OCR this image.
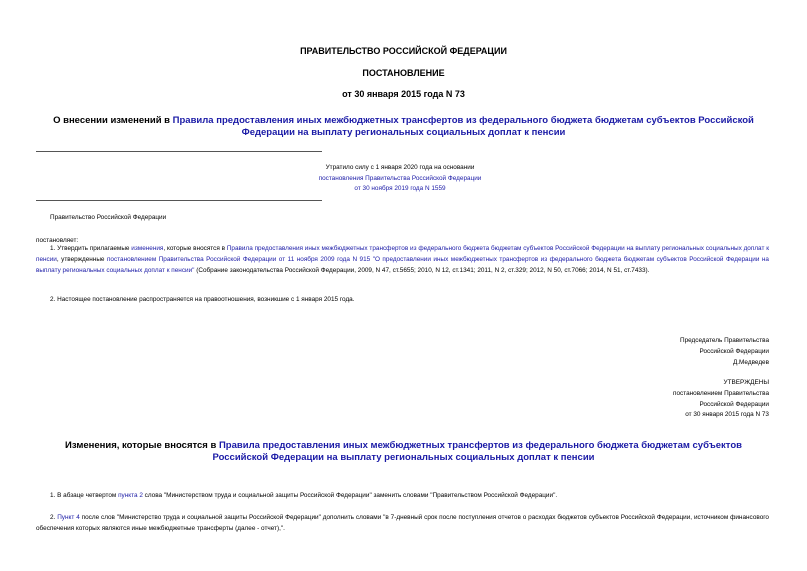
ПРАВИТЕЛЬСТВО РОССИЙСКОЙ ФЕДЕРАЦИИ
ПОСТАНОВЛЕНИЕ
от 30 января 2015 года N 73
О внесении изменений в Правила предоставления иных межбюджетных трансфертов из федерального бюджета бюджетам субъектов Российской Федерации на выплату региональных социальных доплат к пенсии
Утратило силу с 1 января 2020 года на основании
постановления Правительства Российской Федерации
от 30 ноября 2019 года N 1559
Правительство Российской Федерации
постановляет:
1. Утвердить прилагаемые изменения, которые вносятся в Правила предоставления иных межбюджетных трансфертов из федерального бюджета бюджетам субъектов Российской Федерации на выплату региональных социальных доплат к пенсии, утвержденные постановлением Правительства Российской Федерации от 11 ноября 2009 года N 915 "О предоставлении иных межбюджетных трансфертов из федерального бюджета бюджетам субъектов Российской Федерации на выплату региональных социальных доплат к пенсии" (Собрание законодательства Российской Федерации, 2009, N 47, ст.5655; 2010, N 12, ст.1341; 2011, N 2, ст.329; 2012, N 50, ст.7066; 2014, N 51, ст.7433).
2. Настоящее постановление распространяется на правоотношения, возникшие с 1 января 2015 года.
Председатель Правительства
Российской Федерации
Д.Медведев
УТВЕРЖДЕНЫ
постановлением Правительства
Российской Федерации
от 30 января 2015 года N 73
Изменения, которые вносятся в Правила предоставления иных межбюджетных трансфертов из федерального бюджета бюджетам субъектов Российской Федерации на выплату региональных социальных доплат к пенсии
1. В абзаце четвертом пункта 2 слова "Министерством труда и социальной защиты Российской Федерации" заменить словами "Правительством Российской Федерации".
2. Пункт 4 после слов "Министерство труда и социальной защиты Российской Федерации" дополнить словами "в 7-дневный срок после поступления отчетов о расходах бюджетов субъектов Российской Федерации, источником финансового обеспечения которых являются иные межбюджетные трансферты (далее - отчет),".
